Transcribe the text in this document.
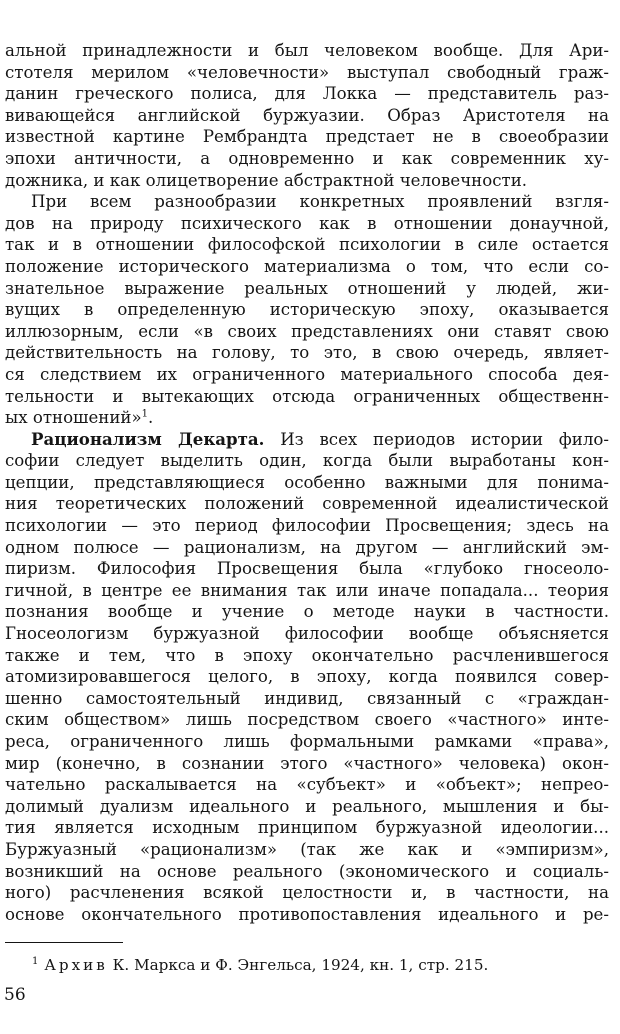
альной принадлежности и был человеком вообще. Для Ари-
стотеля мерилом «человечности» выступал свободный граж-
данин греческого полиса, для Локка — представитель раз-
вивающейся английской буржуазии. Образ Аристотеля на
известной картине Рембрандта предстает не в своеобразии
эпохи античности, а одновременно и как современник ху-
дожника, и как олицетворение абстрактной человечности.
При всем разнообразии конкретных проявлений взгля-
дов на природу психического как в отношении донаучной,
так и в отношении философской психологии в силе остается
положение исторического материализма о том, что если со-
знательное выражение реальных отношений у людей, жи-
вущих в определенную историческую эпоху, оказывается
иллюзорным, если «в своих представлениях они ставят свою
действительность на голову, то это, в свою очередь, являет-
ся следствием их ограниченного материального способа дея-
тельности и вытекающих отсюда ограниченных общественн-
ых отношений»$^1$.
Рационализм Декарта. Из всех периодов истории фило-
софии следует выделить один, когда были выработаны кон-
цепции, представляющиеся особенно важными для понима-
ния теоретических положений современной идеалистической
психологии — это период философии Просвещения; здесь на
одном полюсе — рационализм, на другом — английский эм-
пиризм. Философия Просвещения была «глубоко гносеоло-
гичной, в центре ее внимания так или иначе попадала... теория
познания вообще и учение о методе науки в частности.
Гносеологизм буржуазной философии вообще объясняется
также и тем, что в эпоху окончательно расчленившегося
атомизировавшегося целого, в эпоху, когда появился совер-
шенно самостоятельный индивид, связанный с «граждан-
ским обществом» лишь посредством своего «частного» инте-
реса, ограниченного лишь формальными рамками «права»,
мир (конечно, в сознании этого «частного» человека) окон-
чательно раскалывается на «субъект» и «объект»; непрео-
долимый дуализм идеального и реального, мышления и бы-
тия является исходным принципом буржуазной идеологии...
Буржуазный «рационализм» (так же как и «эмпиризм»,
возникший на основе реального (экономического и социаль-
ного) расчленения всякой целостности и, в частности, на
основе окончательного противопоставления идеального и ре-
$^1$ Архив К. Маркса и Ф. Энгельса, 1924, кн. 1, стр. 215.
56
